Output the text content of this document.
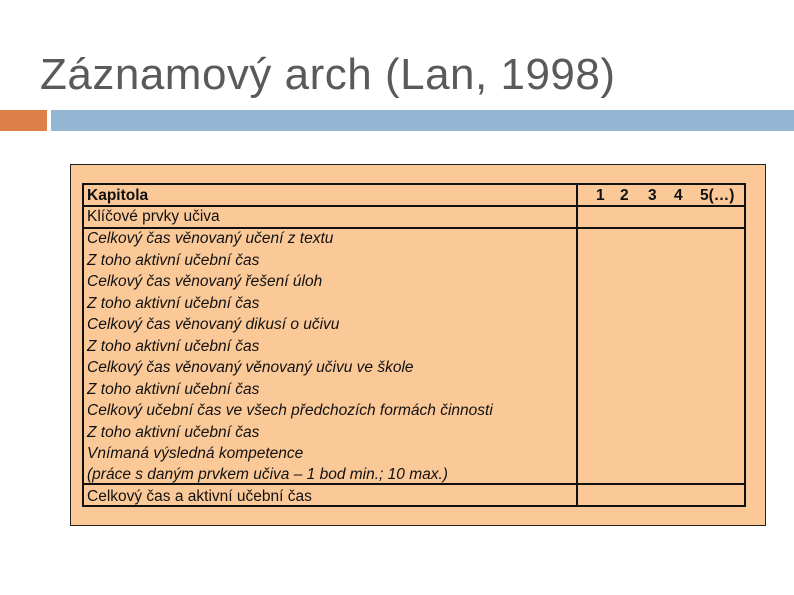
Záznamový arch (Lan, 1998)
Kapitola
Klíčové prvky učiva
Celkový čas věnovaný učení z textu
Z toho aktivní učební čas
Celkový čas věnovaný řešení úloh
Z toho aktivní učební čas
Celkový čas věnovaný dikusí o učivu
Z toho aktivní učební čas
Celkový čas věnovaný věnovaný učivu ve škole
Z toho aktivní učební čas
Celkový učební čas ve všech předchozích formách činnosti
Z toho aktivní učební čas
Vnímaná výsledná kompetence
(práce s daným prvkem učiva – 1 bod min.; 10 max.)
Celkový čas a aktivní učební čas
1 2 3 4 5(…)
